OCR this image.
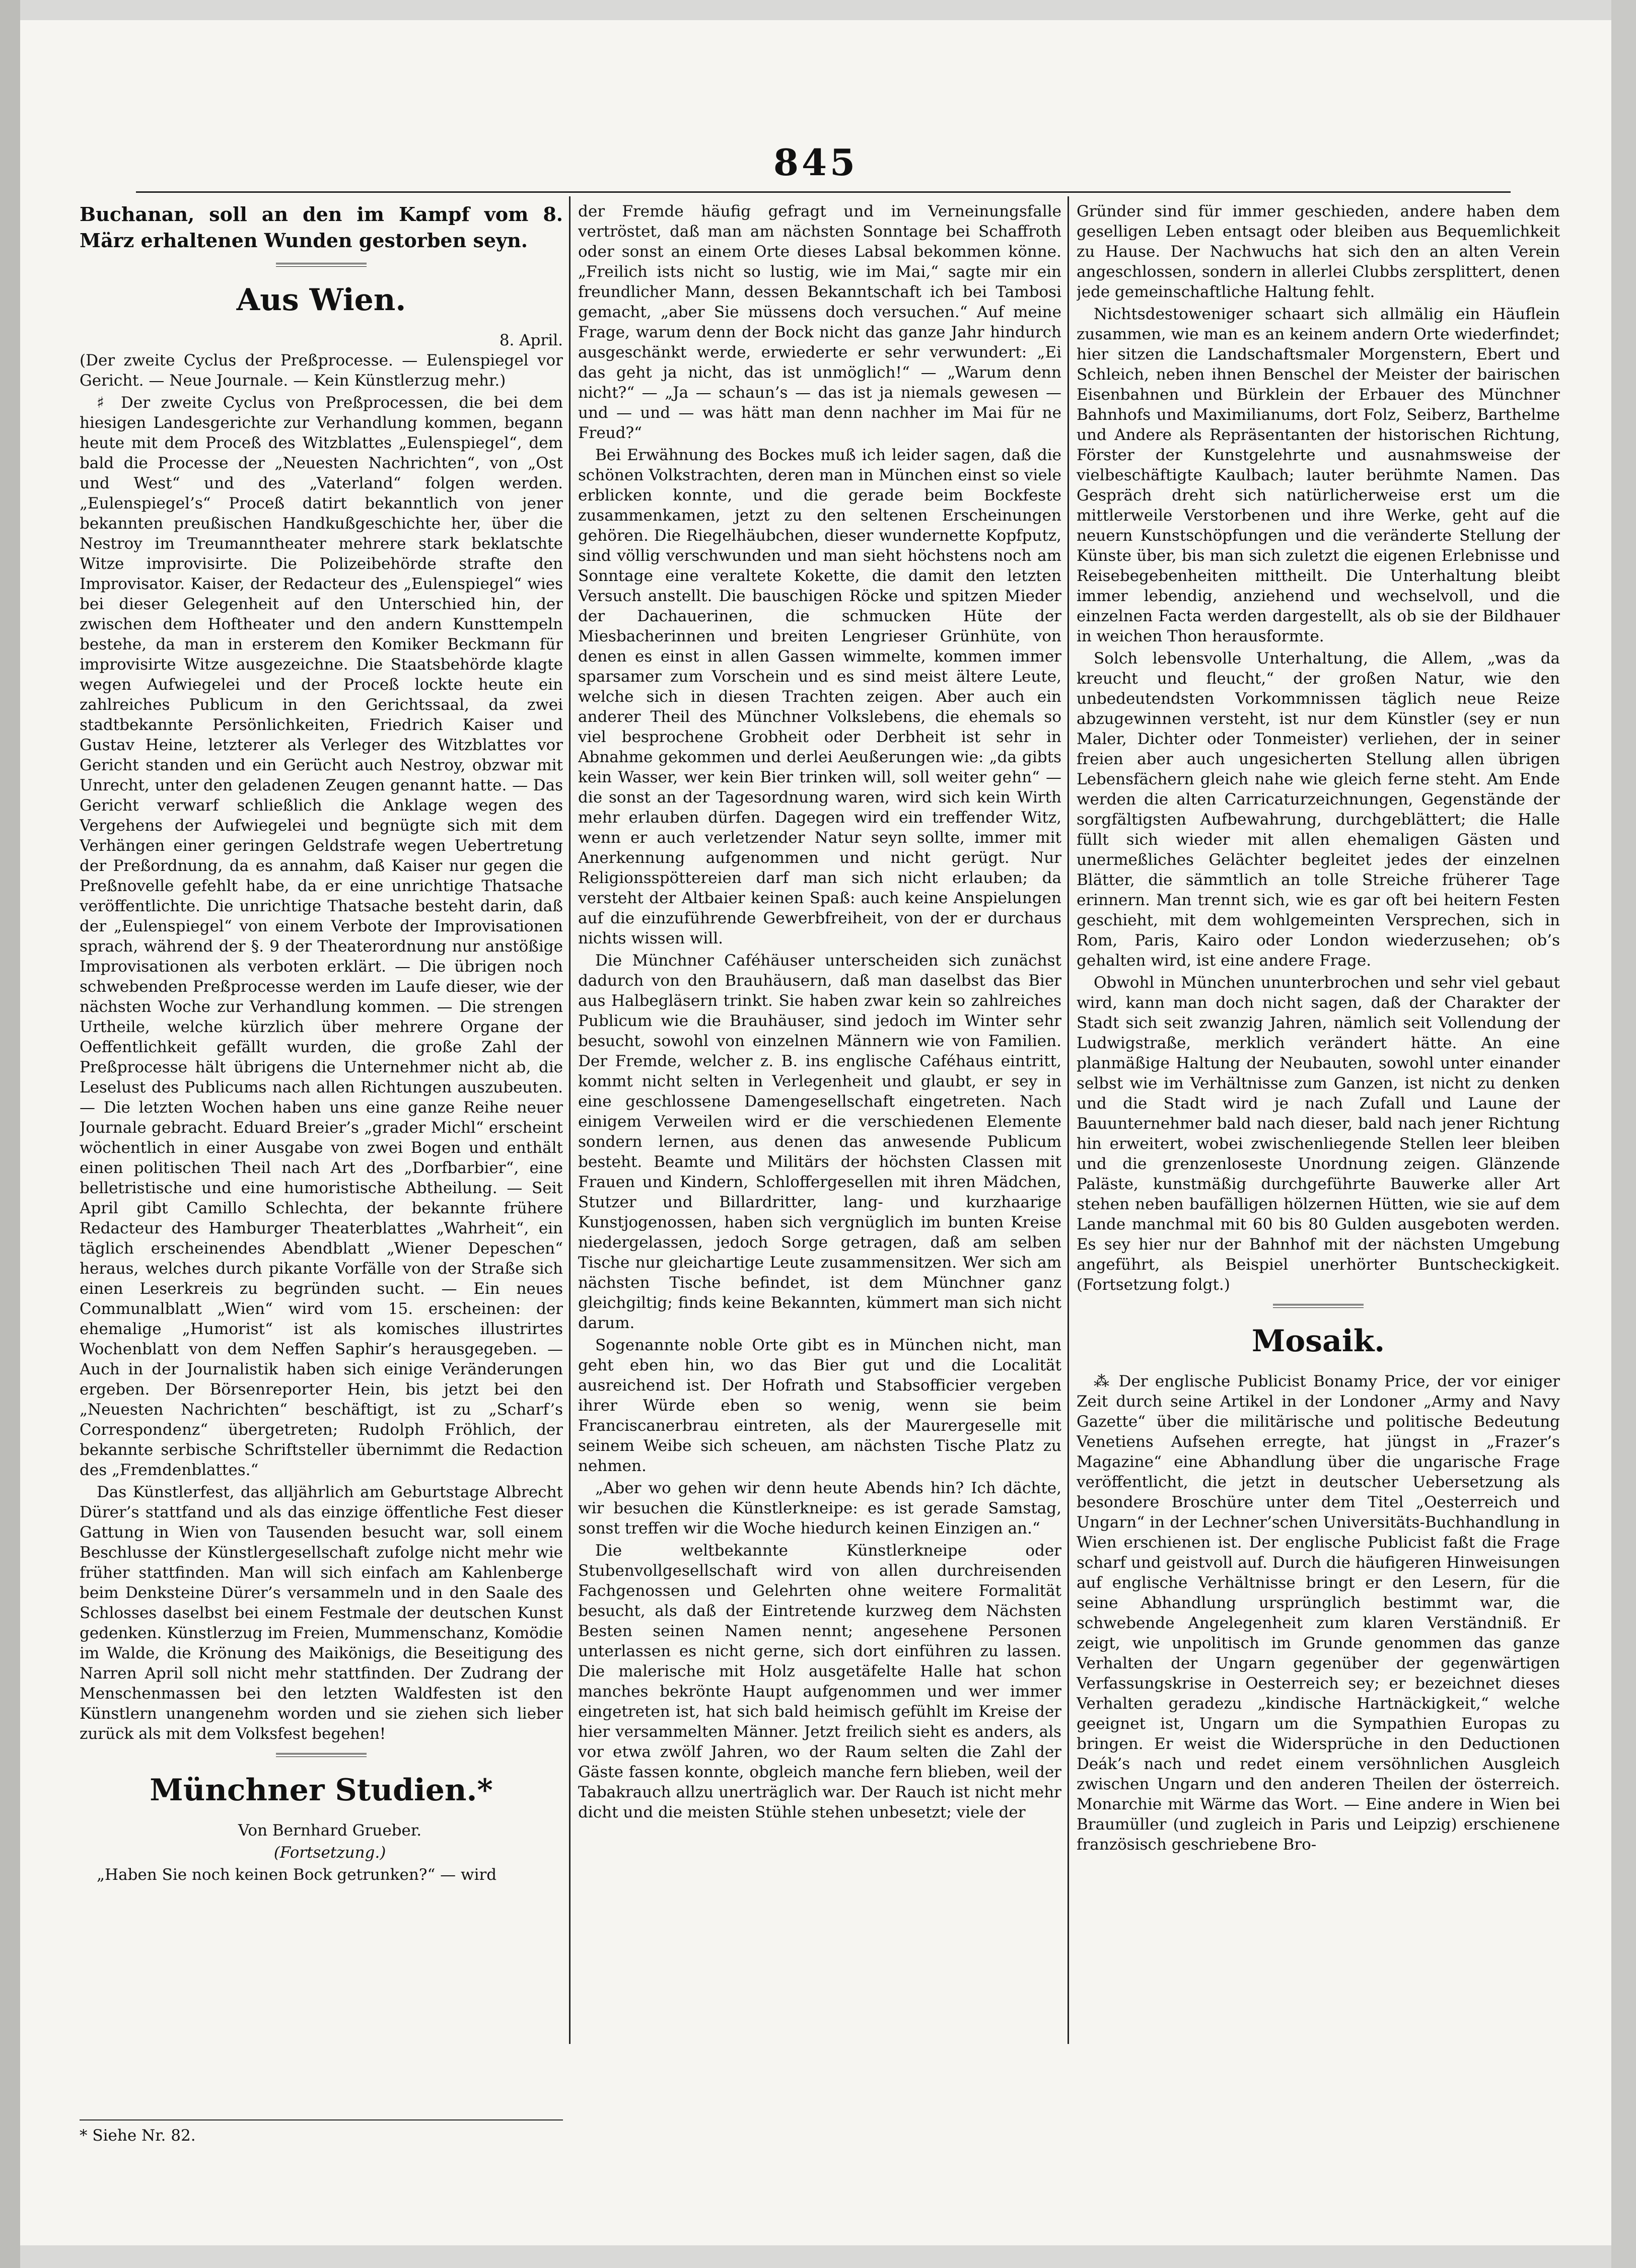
845

Buchanan, soll an den im Kampf vom 8. März erhaltenen Wunden gestorben seyn.

Aus Wien.

8. April.

(Der zweite Cyclus der Preßprocesse. — Eulenspiegel vor Gericht. — Neue Journale. — Kein Künstlerzug mehr.)

♯ Der zweite Cyclus von Preßprocessen, die bei dem hiesigen Landesgerichte zur Verhandlung kommen, begann heute mit dem Proceß des Witzblattes „Eulenspiegel“, dem bald die Processe der „Neuesten Nachrichten“, von „Ost und West“ und des „Vaterland“ folgen werden. „Eulenspiegel’s“ Proceß datirt bekanntlich von jener bekannten preußischen Handkußgeschichte her, über die Nestroy im Treumanntheater mehrere stark beklatschte Witze improvisirte. Die Polizeibehörde strafte den Improvisator. Kaiser, der Redacteur des „Eulenspiegel“ wies bei dieser Gelegenheit auf den Unterschied hin, der zwischen dem Hoftheater und den andern Kunsttempeln bestehe, da man in ersterem den Komiker Beckmann für improvisirte Witze ausgezeichne. Die Staatsbehörde klagte wegen Aufwiegelei und der Proceß lockte heute ein zahlreiches Publicum in den Gerichtssaal, da zwei stadtbekannte Persönlichkeiten, Friedrich Kaiser und Gustav Heine, letzterer als Verleger des Witzblattes vor Gericht standen und ein Gerücht auch Nestroy, obzwar mit Unrecht, unter den geladenen Zeugen genannt hatte. — Das Gericht verwarf schließlich die Anklage wegen des Vergehens der Aufwiegelei und begnügte sich mit dem Verhängen einer geringen Geldstrafe wegen Uebertretung der Preßordnung, da es annahm, daß Kaiser nur gegen die Preßnovelle gefehlt habe, da er eine unrichtige Thatsache veröffentlichte. Die unrichtige Thatsache besteht darin, daß der „Eulenspiegel“ von einem Verbote der Improvisationen sprach, während der §. 9 der Theaterordnung nur anstößige Improvisationen als verboten erklärt. — Die übrigen noch schwebenden Preßprocesse werden im Laufe dieser, wie der nächsten Woche zur Verhandlung kommen. — Die strengen Urtheile, welche kürzlich über mehrere Organe der Oeffentlichkeit gefällt wurden, die große Zahl der Preßprocesse hält übrigens die Unternehmer nicht ab, die Leselust des Publicums nach allen Richtungen auszubeuten. — Die letzten Wochen haben uns eine ganze Reihe neuer Journale gebracht. Eduard Breier’s „grader Michl“ erscheint wöchentlich in einer Ausgabe von zwei Bogen und enthält einen politischen Theil nach Art des „Dorfbarbier“, eine belletristische und eine humoristische Abtheilung. — Seit April gibt Camillo Schlechta, der bekannte frühere Redacteur des Hamburger Theaterblattes „Wahrheit“, ein täglich erscheinendes Abendblatt „Wiener Depeschen“ heraus, welches durch pikante Vorfälle von der Straße sich einen Leserkreis zu begründen sucht. — Ein neues Communalblatt „Wien“ wird vom 15. erscheinen: der ehemalige „Humorist“ ist als komisches illustrirtes Wochenblatt von dem Neffen Saphir’s herausgegeben. — Auch in der Journalistik haben sich einige Veränderungen ergeben. Der Börsenreporter Hein, bis jetzt bei den „Neuesten Nachrichten“ beschäftigt, ist zu „Scharf’s Correspondenz“ übergetreten; Rudolph Fröhlich, der bekannte serbische Schriftsteller übernimmt die Redaction des „Fremdenblattes.“

Das Künstlerfest, das alljährlich am Geburtstage Albrecht Dürer’s stattfand und als das einzige öffentliche Fest dieser Gattung in Wien von Tausenden besucht war, soll einem Beschlusse der Künstlergesellschaft zufolge nicht mehr wie früher stattfinden. Man will sich einfach am Kahlenberge beim Denksteine Dürer’s versammeln und in den Saale des Schlosses daselbst bei einem Festmale der deutschen Kunst gedenken. Künstlerzug im Freien, Mummenschanz, Komödie im Walde, die Krönung des Maikönigs, die Beseitigung des Narren April soll nicht mehr stattfinden. Der Zudrang der Menschenmassen bei den letzten Waldfesten ist den Künstlern unangenehm worden und sie ziehen sich lieber zurück als mit dem Volksfest begehen!

Münchner Studien.*

Von Bernhard Grueber.

(Fortsetzung.)

„Haben Sie noch keinen Bock getrunken?“ — wird

der Fremde häufig gefragt und im Verneinungsfalle vertröstet, daß man am nächsten Sonntage bei Schaffroth oder sonst an einem Orte dieses Labsal bekommen könne. „Freilich ists nicht so lustig, wie im Mai,“ sagte mir ein freundlicher Mann, dessen Bekanntschaft ich bei Tambosi gemacht, „aber Sie müssens doch versuchen.“ Auf meine Frage, warum denn der Bock nicht das ganze Jahr hindurch ausgeschänkt werde, erwiederte er sehr verwundert: „Ei das geht ja nicht, das ist unmöglich!“ — „Warum denn nicht?“ — „Ja — schaun’s — das ist ja niemals gewesen — und — und — was hätt man denn nachher im Mai für ne Freud?“

Bei Erwähnung des Bockes muß ich leider sagen, daß die schönen Volkstrachten, deren man in München einst so viele erblicken konnte, und die gerade beim Bockfeste zusammenkamen, jetzt zu den seltenen Erscheinungen gehören. Die Riegelhäubchen, dieser wundernette Kopfputz, sind völlig verschwunden und man sieht höchstens noch am Sonntage eine veraltete Kokette, die damit den letzten Versuch anstellt. Die bauschigen Röcke und spitzen Mieder der Dachauerinen, die schmucken Hüte der Miesbacherinnen und breiten Lengrieser Grünhüte, von denen es einst in allen Gassen wimmelte, kommen immer sparsamer zum Vorschein und es sind meist ältere Leute, welche sich in diesen Trachten zeigen. Aber auch ein anderer Theil des Münchner Volkslebens, die ehemals so viel besprochene Grobheit oder Derbheit ist sehr in Abnahme gekommen und derlei Aeußerungen wie: „da gibts kein Wasser, wer kein Bier trinken will, soll weiter gehn“ — die sonst an der Tagesordnung waren, wird sich kein Wirth mehr erlauben dürfen. Dagegen wird ein treffender Witz, wenn er auch verletzender Natur seyn sollte, immer mit Anerkennung aufgenommen und nicht gerügt. Nur Religionsspöttereien darf man sich nicht erlauben; da versteht der Altbaier keinen Spaß: auch keine Anspielungen auf die einzuführende Gewerbfreiheit, von der er durchaus nichts wissen will.

Die Münchner Caféhäuser unterscheiden sich zunächst dadurch von den Brauhäusern, daß man daselbst das Bier aus Halbegläsern trinkt. Sie haben zwar kein so zahlreiches Publicum wie die Brauhäuser, sind jedoch im Winter sehr besucht, sowohl von einzelnen Männern wie von Familien. Der Fremde, welcher z. B. ins englische Caféhaus eintritt, kommt nicht selten in Verlegenheit und glaubt, er sey in eine geschlossene Damengesellschaft eingetreten. Nach einigem Verweilen wird er die verschiedenen Elemente sondern lernen, aus denen das anwesende Publicum besteht. Beamte und Militärs der höchsten Classen mit Frauen und Kindern, Schloffergesellen mit ihren Mädchen, Stutzer und Billardritter, lang- und kurzhaarige Kunstjogenossen, haben sich vergnüglich im bunten Kreise niedergelassen, jedoch Sorge getragen, daß am selben Tische nur gleichartige Leute zusammensitzen. Wer sich am nächsten Tische befindet, ist dem Münchner ganz gleichgiltig; finds keine Bekannten, kümmert man sich nicht darum.

Sogenannte noble Orte gibt es in München nicht, man geht eben hin, wo das Bier gut und die Localität ausreichend ist. Der Hofrath und Stabsofficier vergeben ihrer Würde eben so wenig, wenn sie beim Franciscanerbrau eintreten, als der Maurergeselle mit seinem Weibe sich scheuen, am nächsten Tische Platz zu nehmen.

„Aber wo gehen wir denn heute Abends hin? Ich dächte, wir besuchen die Künstlerkneipe: es ist gerade Samstag, sonst treffen wir die Woche hiedurch keinen Einzigen an.“

Die weltbekannte Künstlerkneipe oder Stubenvollgesellschaft wird von allen durchreisenden Fachgenossen und Gelehrten ohne weitere Formalität besucht, als daß der Eintretende kurzweg dem Nächsten Besten seinen Namen nennt; angesehene Personen unterlassen es nicht gerne, sich dort einführen zu lassen. Die malerische mit Holz ausgetäfelte Halle hat schon manches bekrönte Haupt aufgenommen und wer immer eingetreten ist, hat sich bald heimisch gefühlt im Kreise der hier versammelten Männer. Jetzt freilich sieht es anders, als vor etwa zwölf Jahren, wo der Raum selten die Zahl der Gäste fassen konnte, obgleich manche fern blieben, weil der Tabakrauch allzu unerträglich war. Der Rauch ist nicht mehr dicht und die meisten Stühle stehen unbesetzt; viele der

Gründer sind für immer geschieden, andere haben dem geselligen Leben entsagt oder bleiben aus Bequemlichkeit zu Hause. Der Nachwuchs hat sich den an alten Verein angeschlossen, sondern in allerlei Clubbs zersplittert, denen jede gemeinschaftliche Haltung fehlt.

Nichtsdestoweniger schaart sich allmälig ein Häuflein zusammen, wie man es an keinem andern Orte wiederfindet; hier sitzen die Landschaftsmaler Morgenstern, Ebert und Schleich, neben ihnen Benschel der Meister der bairischen Eisenbahnen und Bürklein der Erbauer des Münchner Bahnhofs und Maximilianums, dort Folz, Seiberz, Barthelme und Andere als Repräsentanten der historischen Richtung, Förster der Kunstgelehrte und ausnahmsweise der vielbeschäftigte Kaulbach; lauter berühmte Namen. Das Gespräch dreht sich natürlicherweise erst um die mittlerweile Verstorbenen und ihre Werke, geht auf die neuern Kunstschöpfungen und die veränderte Stellung der Künste über, bis man sich zuletzt die eigenen Erlebnisse und Reisebegebenheiten mittheilt. Die Unterhaltung bleibt immer lebendig, anziehend und wechselvoll, und die einzelnen Facta werden dargestellt, als ob sie der Bildhauer in weichen Thon herausformte.

Solch lebensvolle Unterhaltung, die Allem, „was da kreucht und fleucht,“ der großen Natur, wie den unbedeutendsten Vorkommnissen täglich neue Reize abzugewinnen versteht, ist nur dem Künstler (sey er nun Maler, Dichter oder Tonmeister) verliehen, der in seiner freien aber auch ungesicherten Stellung allen übrigen Lebensfächern gleich nahe wie gleich ferne steht. Am Ende werden die alten Carricaturzeichnungen, Gegenstände der sorgfältigsten Aufbewahrung, durchgeblättert; die Halle füllt sich wieder mit allen ehemaligen Gästen und unermeßliches Gelächter begleitet jedes der einzelnen Blätter, die sämmtlich an tolle Streiche früherer Tage erinnern. Man trennt sich, wie es gar oft bei heitern Festen geschieht, mit dem wohlgemeinten Versprechen, sich in Rom, Paris, Kairo oder London wiederzusehen; ob’s gehalten wird, ist eine andere Frage.

Obwohl in München ununterbrochen und sehr viel gebaut wird, kann man doch nicht sagen, daß der Charakter der Stadt sich seit zwanzig Jahren, nämlich seit Vollendung der Ludwigstraße, merklich verändert hätte. An eine planmäßige Haltung der Neubauten, sowohl unter einander selbst wie im Verhältnisse zum Ganzen, ist nicht zu denken und die Stadt wird je nach Zufall und Laune der Bauunternehmer bald nach dieser, bald nach jener Richtung hin erweitert, wobei zwischenliegende Stellen leer bleiben und die grenzenloseste Unordnung zeigen. Glänzende Paläste, kunstmäßig durchgeführte Bauwerke aller Art stehen neben baufälligen hölzernen Hütten, wie sie auf dem Lande manchmal mit 60 bis 80 Gulden ausgeboten werden. Es sey hier nur der Bahnhof mit der nächsten Umgebung angeführt, als Beispiel unerhörter Buntscheckigkeit. (Fortsetzung folgt.)

Mosaik.

⁂ Der englische Publicist Bonamy Price, der vor einiger Zeit durch seine Artikel in der Londoner „Army and Navy Gazette“ über die militärische und politische Bedeutung Venetiens Aufsehen erregte, hat jüngst in „Frazer’s Magazine“ eine Abhandlung über die ungarische Frage veröffentlicht, die jetzt in deutscher Uebersetzung als besondere Broschüre unter dem Titel „Oesterreich und Ungarn“ in der Lechner’schen Universitäts-Buchhandlung in Wien erschienen ist. Der englische Publicist faßt die Frage scharf und geistvoll auf. Durch die häufigeren Hinweisungen auf englische Verhältnisse bringt er den Lesern, für die seine Abhandlung ursprünglich bestimmt war, die schwebende Angelegenheit zum klaren Verständniß. Er zeigt, wie unpolitisch im Grunde genommen das ganze Verhalten der Ungarn gegenüber der gegenwärtigen Verfassungskrise in Oesterreich sey; er bezeichnet dieses Verhalten geradezu „kindische Hartnäckigkeit,“ welche geeignet ist, Ungarn um die Sympathien Europas zu bringen. Er weist die Widersprüche in den Deductionen Deák’s nach und redet einem versöhnlichen Ausgleich zwischen Ungarn und den anderen Theilen der österreich. Monarchie mit Wärme das Wort. — Eine andere in Wien bei Braumüller (und zugleich in Paris und Leipzig) erschienene französisch geschriebene Bro-

* Siehe Nr. 82.
